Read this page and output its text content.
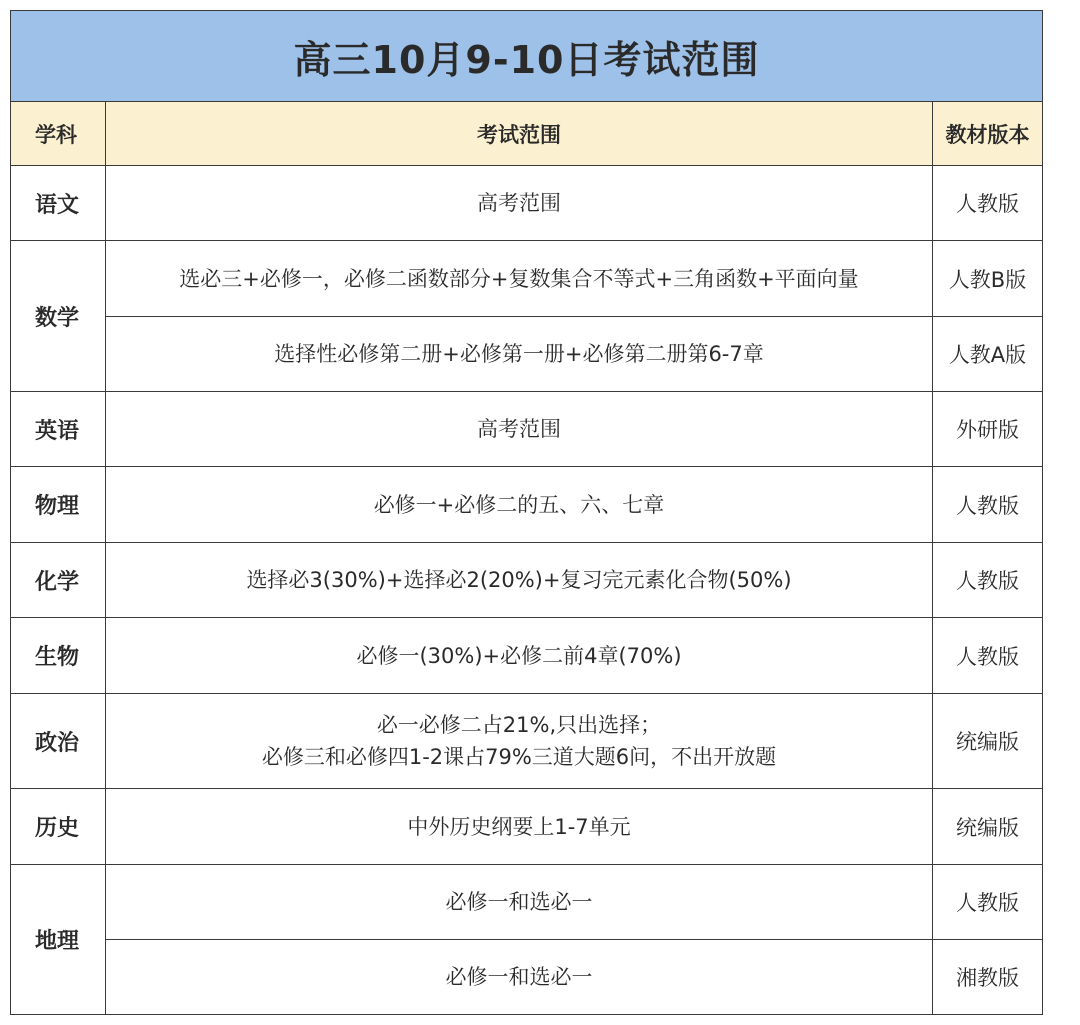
高三10月9-10日考试范围		
学科	考试范围	教材版本
语文	高考范围	人教版
数学	选必三+必修一，必修二函数部分+复数集合不等式+三角函数+平面向量	人教B版
	选择性必修第二册+必修第一册+必修第二册第6-7章	人教A版
英语	高考范围	外研版
物理	必修一+必修二的五、六、七章	人教版
化学	选择必3(30%)+选择必2(20%)+复习完元素化合物(50%)	人教版
生物	必修一(30%)+必修二前4章(70%)	人教版
政治	必一必修二占21%,只出选择；
必修三和必修四1-2课占79%三道大题6问，不出开放题	统编版
历史	中外历史纲要上1-7单元	统编版
地理	必修一和选必一	人教版
	必修一和选必一	湘教版
